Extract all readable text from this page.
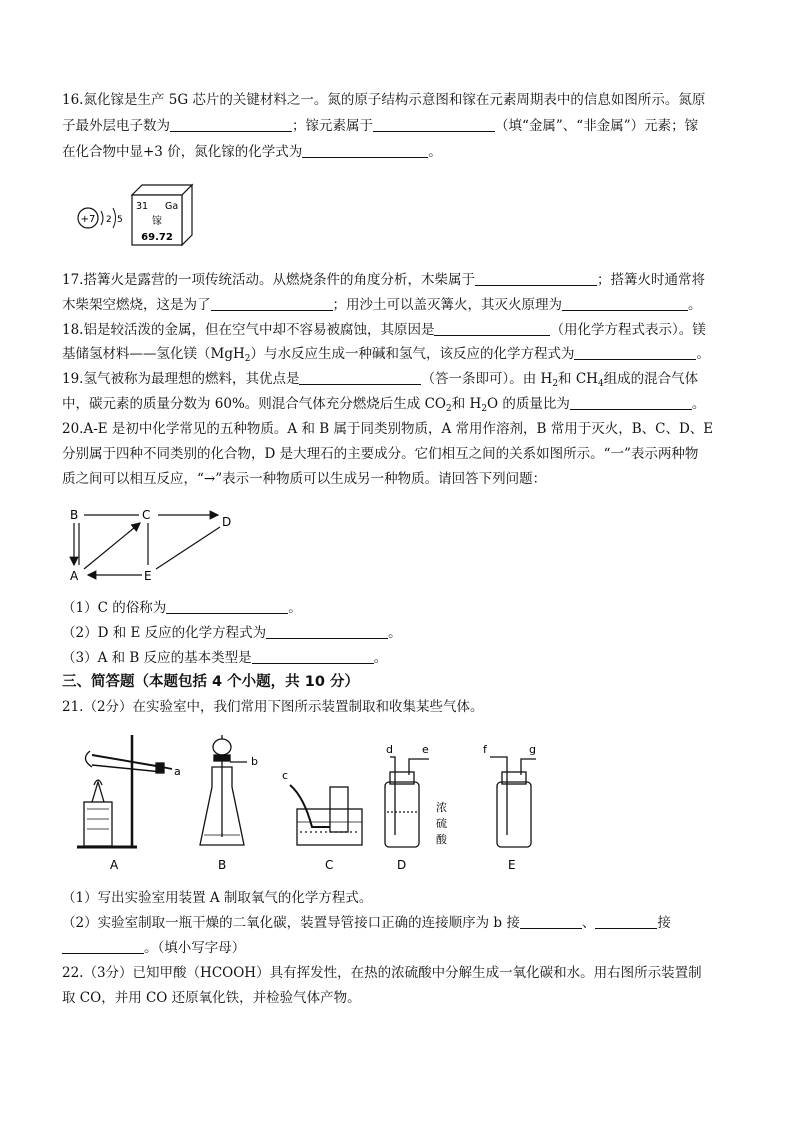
16.氮化镓是生产 5G 芯片的关键材料之一。氮的原子结构示意图和镓在元素周期表中的信息如图所示。氮原
子最外层电子数为	；镓元素属于	（填“金属”、“非金属”）元素；镓
在化合物中显+3 价，氮化镓的化学式为	。
+7 2 5
31 Ga
镓
69.72
17.搭篝火是露营的一项传统活动。从燃烧条件的角度分析，木柴属于	；搭篝火时通常将
木柴架空燃烧，这是为了	；用沙土可以盖灭篝火，其灭火原理为	。
18.铝是较活泼的金属，但在空气中却不容易被腐蚀，其原因是	（用化学方程式表示）。镁
基储氢材料——氢化镁（MgH$_2$）与水反应生成一种碱和氢气，该反应的化学方程式为	。
19.氢气被称为最理想的燃料，其优点是	（答一条即可）。由 $H_2$和 $CH_4$组成的混合气体
中，碳元素的质量分数为 60%。则混合气体充分燃烧后生成 $CO_2$和 $H_2O$ 的质量比为	。
20.A-E 是初中化学常见的五种物质。A 和 B 属于同类别物质，A 常用作溶剂，B 常用于灭火，B、C、D、E
分别属于四种不同类别的化合物，D 是大理石的主要成分。它们相互之间的关系如图所示。“一”表示两种物
质之间可以相互反应，“→”表示一种物质可以生成另一种物质。请回答下列问题：
B	C	D
A	E
（1）C 的俗称为	。
（2）D 和 E 反应的化学方程式为	。
（3）A 和 B 反应的基本类型是	。
三、简答题（本题包括 4 个小题，共 10 分）
21.（2分）在实验室中，我们常用下图所示装置制取和收集某些气体。
a
b
c
d	e	f	g
浓
硫
酸
A	B	C	D	E
（1）写出实验室用装置 A 制取氧气的化学方程式。
（2）实验室制取一瓶干燥的二氧化碳，装置导管接口正确的连接顺序为 b 接	、	接
。（填小写字母）
22.（3分）已知甲酸（HCOOH）具有挥发性，在热的浓硫酸中分解生成一氧化碳和水。用右图所示装置制
取 CO，并用 CO 还原氧化铁，并检验气体产物。
